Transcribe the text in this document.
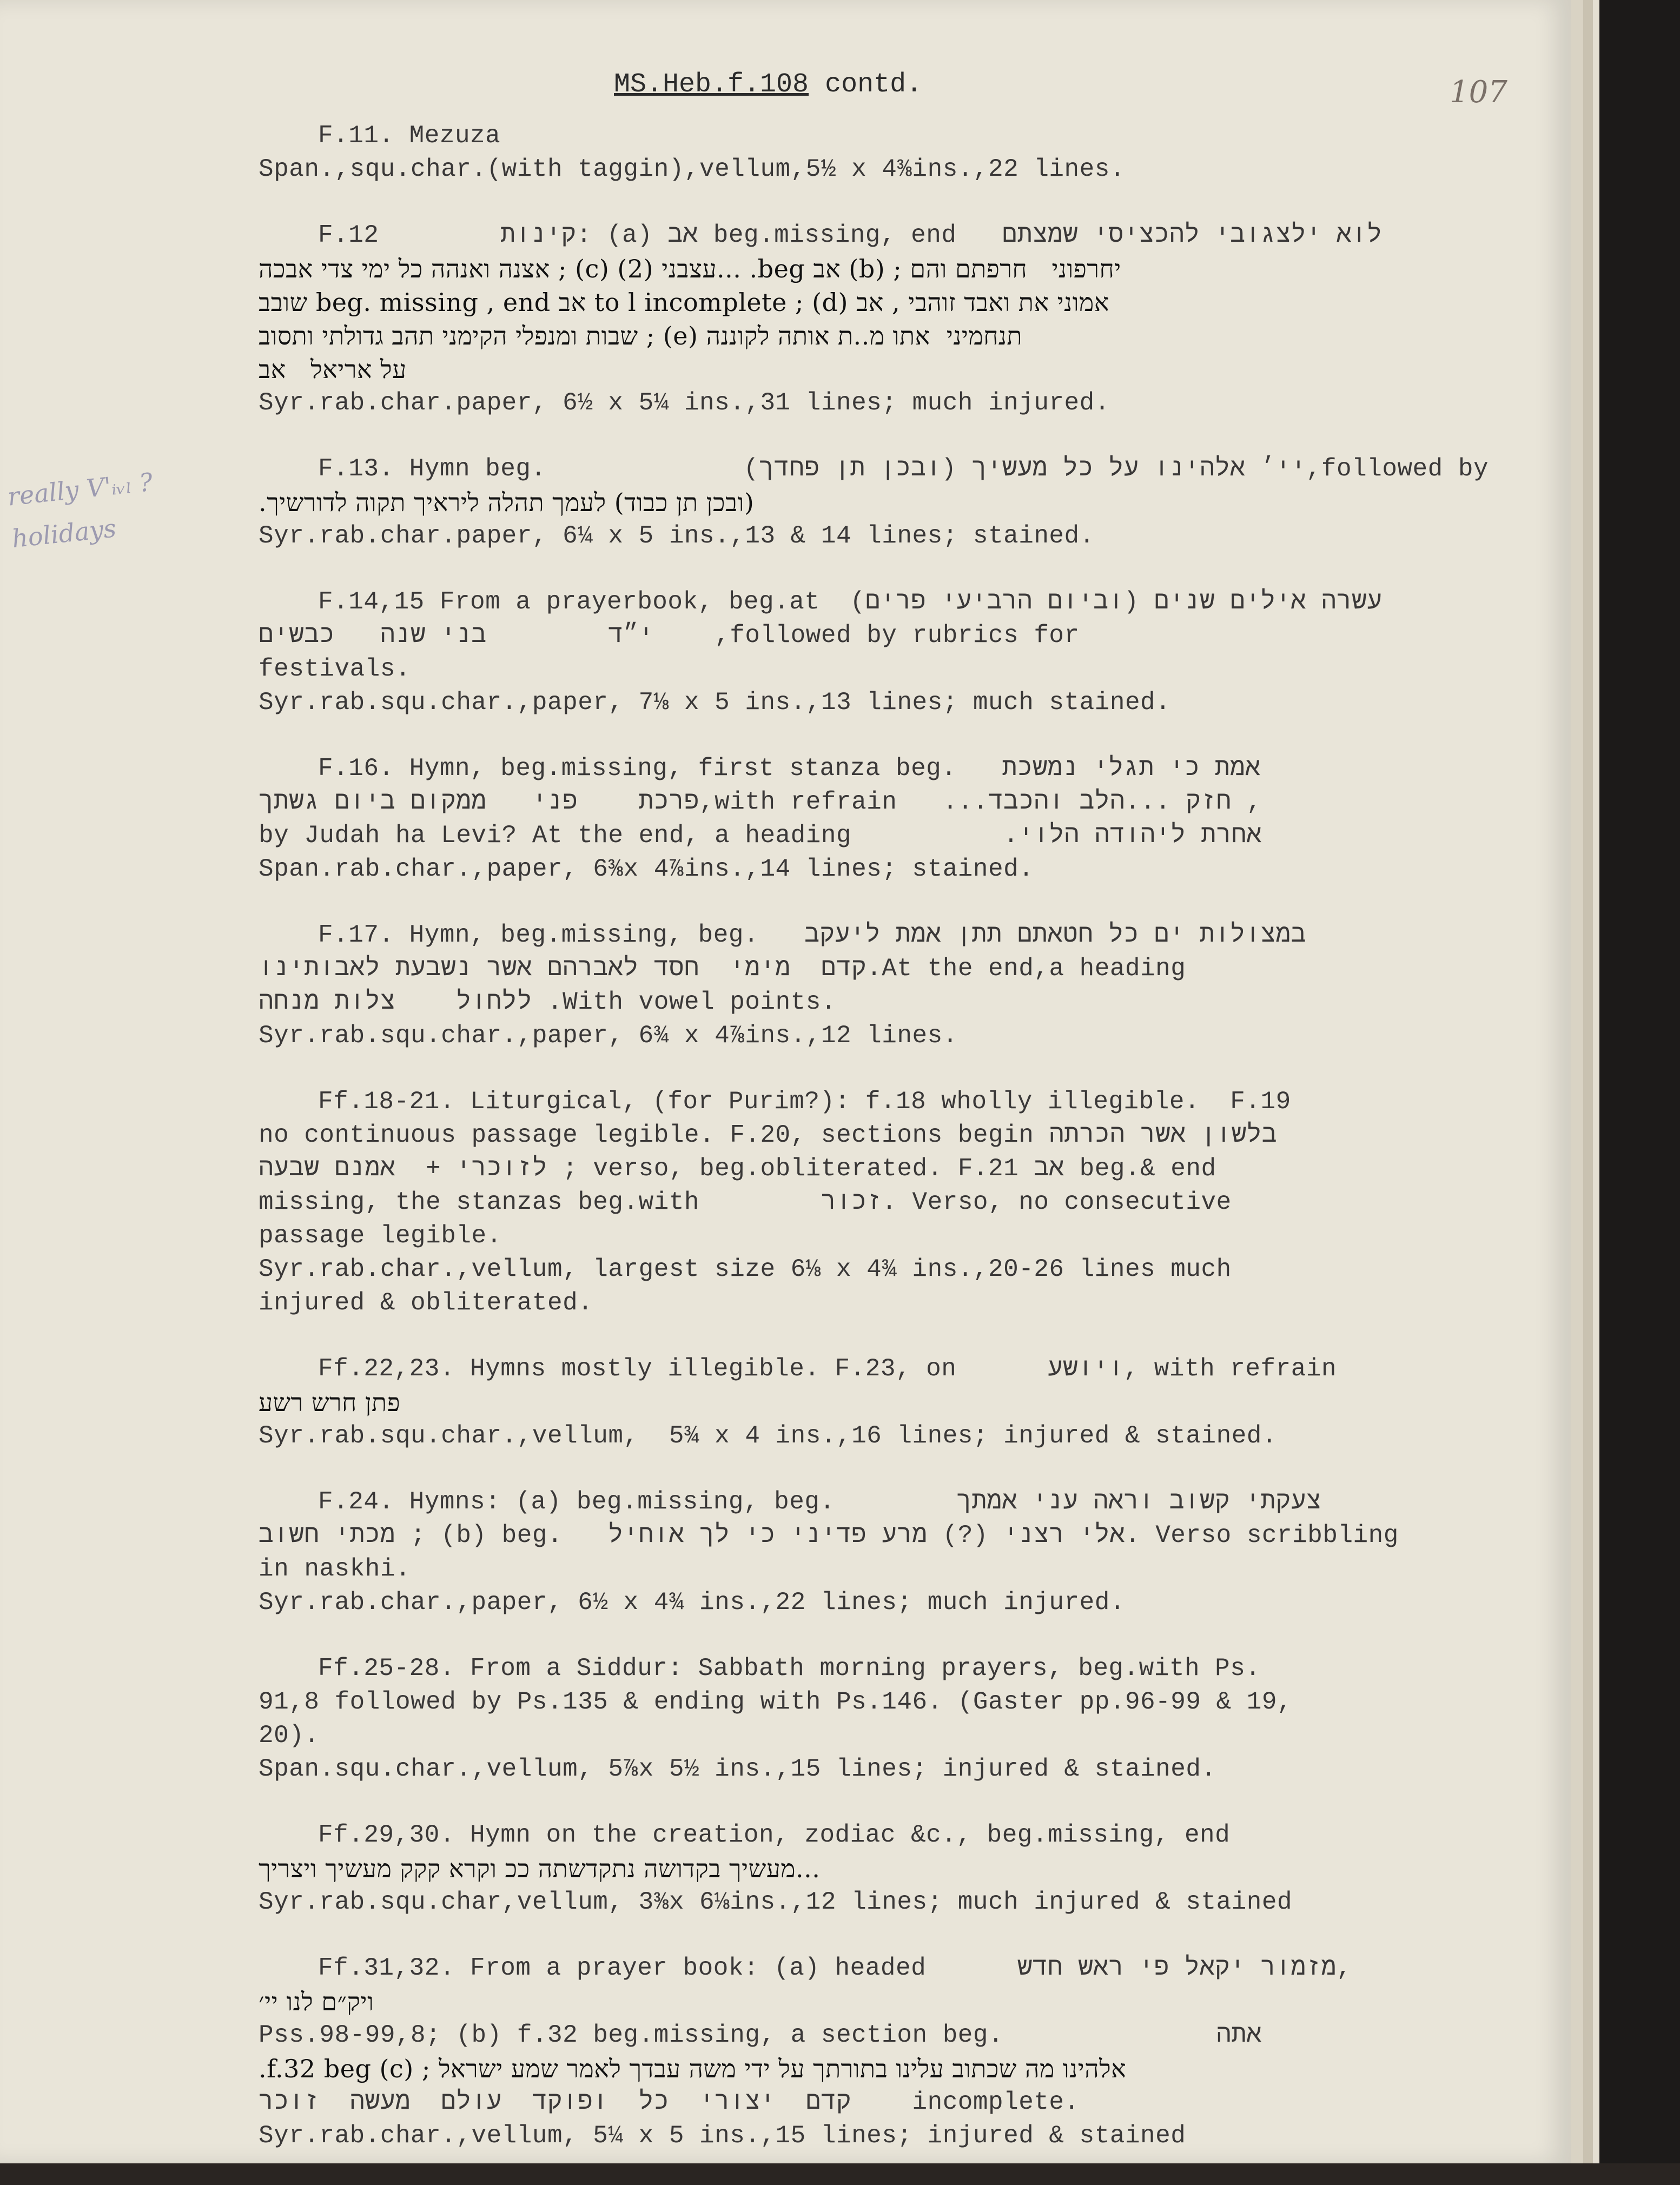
MS.Heb.f.108 contd.	107
really V'ᵢᵥₗ ?
holidays
F.11. Mezuza
Span.,squ.char.(with taggin),vellum,5½ x 4⅜ins.,22 lines.
F.12        קינות: (a) אב beg.missing, end   לוא ילצגובי להכציסי שמצתם
יחרפוני   חרפתם והם ; (b) אב beg. ...עצבני (2) (c) ; אצנה ואנהה כל ימי צדי אבכה
אמוני את ואבד זוהבי , אב to l incomplete ; (d) אב beg. missing , end שובב
תנחמיני  אתו מ..ת אותה לקוננה (e) ; שבות ומנפלי הקימני תהב גדולתי ותסוב
על אריאל   אב
Syr.rab.char.paper, 6½ x 5¼ ins.,31 lines; much injured.
F.13. Hymn beg.             (ובכן תן פחדך) יי׳ אלהינו על כל מעשיך,followed by
(ובכן תן כבוד) לעמך תהלה ליראיך תקוה לדורשיך.
Syr.rab.char.paper, 6¼ x 5 ins.,13 & 14 lines; stained.
F.14,15 From a prayerbook, beg.at  (וביום הרביעי פרים) עשרה אילים שנים
י״ד        בני שנה   כבשים    ,followed by rubrics for
festivals.
Syr.rab.squ.char.,paper, 7⅛ x 5 ins.,13 lines; much stained.
F.16. Hymn, beg.missing, first stanza beg.   אמת כי תגלי נמשכת
פרכת    פני   ממקום ביום גשתך,with refrain   ...חזק ...הלב והכבד ,
by Judah ha Levi? At the end, a heading          .אחרת ליהודה הלוי
Span.rab.char.,paper, 6⅜x 4⅞ins.,14 lines; stained.
F.17. Hymn, beg.missing, beg.   במצולות ים כל חטאתם תתן אמת ליעקב
קדם  מימי  חסד לאברהם אשר נשבעת לאבותינו.At the end,a heading
ללחול    צלות מנחה .With vowel points.
Syr.rab.squ.char.,paper, 6¾ x 4⅞ins.,12 lines.
Ff.18-21. Liturgical, (for Purim?): f.18 wholly illegible.  F.19
no continuous passage legible. F.20, sections begin בלשון אשר הכרתה
לזוכרי +  אמנם שבעה ; verso, beg.obliterated. F.21 אב beg.& end
missing, the stanzas beg.with        זכור. Verso, no consecutive
passage legible.
Syr.rab.char.,vellum, largest size 6⅛ x 4¾ ins.,20-26 lines much
injured & obliterated.
Ff.22,23. Hymns mostly illegible. F.23, on      ויושע, with refrain
פתן חרש רשע
Syr.rab.squ.char.,vellum,  5¾ x 4 ins.,16 lines; injured & stained.
F.24. Hymns: (a) beg.missing, beg.        צעקתי קשוב וראה עני אמתך
מכתי חשוב ; (b) beg.   אלי רצני (?) מרע פדיני כי לך אוחיל. Verso scribbling
in naskhi.
Syr.rab.char.,paper, 6½ x 4¾ ins.,22 lines; much injured.
Ff.25-28. From a Siddur: Sabbath morning prayers, beg.with Ps.
91,8 followed by Ps.135 & ending with Ps.146. (Gaster pp.96-99 & 19,
20).
Span.squ.char.,vellum, 5⅞x 5½ ins.,15 lines; injured & stained.
Ff.29,30. Hymn on the creation, zodiac &c., beg.missing, end
...מעשיך בקדושה נתקדשתה ככ וקרא קקק מעשיך ויצריך
Syr.rab.squ.char,vellum, 3⅜x 6⅛ins.,12 lines; much injured & stained
Ff.31,32. From a prayer book: (a) headed      מזמור יקאל פי ראש חדש,
ויק״ם לנו יי׳
Pss.98-99,8; (b) f.32 beg.missing, a section beg.              אתה
אלהינו מה שכתוב עלינו בתורתך על ידי משה עבדך לאמר שמע ישראל ; (c) f.32 beg.
קדם  יצורי  כל  ופוקד  עולם  מעשה  זוכר    incomplete.
Syr.rab.char.,vellum, 5¼ x 5 ins.,15 lines; injured & stained
